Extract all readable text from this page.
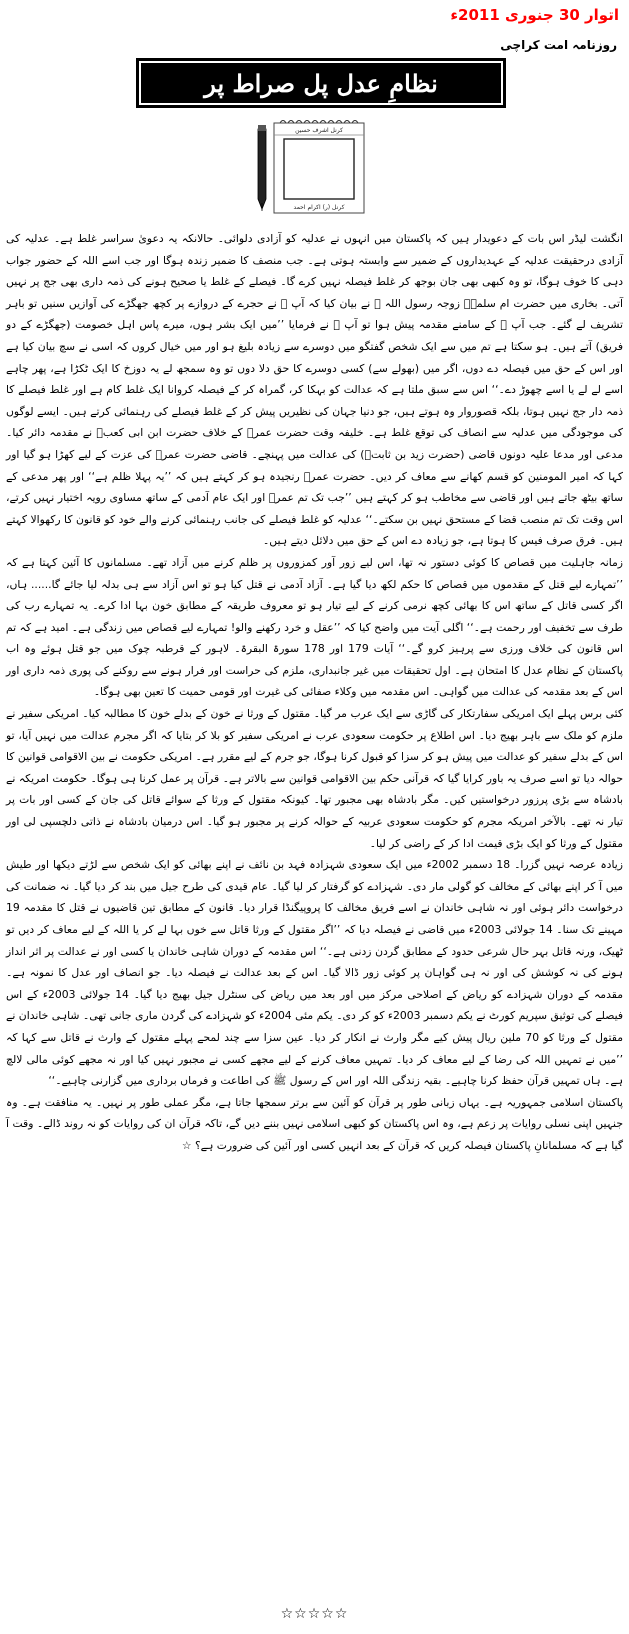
اتوار 30 جنوری 2011ء
روزنامہ امت کراچی
نظامِ عدل پل صراط پر
کرنل اشرف حسین
کرنل (ر) اکرام احمد

انگشت لیڈر اس بات کے دعویدار ہیں کہ پاکستان میں انہوں نے عدلیہ کو آزادی دلوائی۔ حالانکہ یہ دعویٰ سراسر غلط ہے۔ عدلیہ کی آزادی درحقیقت عدلیہ کے عہدیداروں کے ضمیر سے وابستہ ہوتی ہے۔ جب منصف کا ضمیر زندہ ہوگا اور جب اسے اللہ کے حضور جواب دہی کا خوف ہوگا، تو وہ کبھی بھی جان بوجھ کر غلط فیصلہ نہیں کرے گا۔ فیصلے کے غلط یا صحیح ہونے کی ذمہ داری بھی جج پر نہیں آتی۔ بخاری میں حضرت ام سلمہؓ زوجہ رسول اللہ ﷺ نے بیان کیا کہ آپ ﷺ نے حجرے کے دروازے پر کچھ جھگڑے کی آوازیں سنیں تو باہر تشریف لے گئے۔ جب آپ ﷺ کے سامنے مقدمہ پیش ہوا تو آپ ﷺ نے فرمایا ’’میں ایک بشر ہوں، میرے پاس اہل خصومت (جھگڑے کے دو فریق) آتے ہیں۔ ہو سکتا ہے تم میں سے ایک شخص گفتگو میں دوسرے سے زیادہ بلیغ ہو اور میں خیال کروں کہ اسی نے سچ بیان کیا ہے اور اس کے حق میں فیصلہ دے دوں، اگر میں (بھولے سے) کسی دوسرے کا حق دلا دوں تو وہ سمجھ لے یہ دوزخ کا ایک ٹکڑا ہے، پھر چاہے اسے لے لے یا اسے چھوڑ دے۔‘‘ اس سے سبق ملتا ہے کہ عدالت کو بہکا کر، گمراہ کر کے فیصلہ کروانا ایک غلط کام ہے اور غلط فیصلے کا ذمہ دار جج نہیں ہوتا، بلکہ قصوروار وہ ہوتے ہیں، جو دنیا جہان کی نظیریں پیش کر کے غلط فیصلے کی رہنمائی کرتے ہیں۔ ایسے لوگوں کی موجودگی میں عدلیہ سے انصاف کی توقع غلط ہے۔ خلیفہ وقت حضرت عمرؓ کے خلاف حضرت ابن ابی کعبؓ نے مقدمہ دائر کیا۔ مدعی اور مدعا علیہ دونوں قاضی (حضرت زید بن ثابتؓ) کی عدالت میں پہنچے۔ قاضی حضرت عمرؓ کی عزت کے لیے کھڑا ہو گیا اور کہا کہ امیر المومنین کو قسم کھانے سے معاف کر دیں۔ حضرت عمرؓ رنجیدہ ہو کر کہتے ہیں کہ ’’یہ پہلا ظلم ہے‘‘ اور پھر مدعی کے ساتھ بیٹھ جاتے ہیں اور قاضی سے مخاطب ہو کر کہتے ہیں ’’جب تک تم عمرؓ اور ایک عام آدمی کے ساتھ مساوی رویہ اختیار نہیں کرتے، اس وقت تک تم منصب قضا کے مستحق نہیں بن سکتے۔‘‘ عدلیہ کو غلط فیصلے کی جانب رہنمائی کرنے والے خود کو قانون کا رکھوالا کہتے ہیں۔ فرق صرف فیس کا ہوتا ہے، جو زیادہ دے اس کے حق میں دلائل دیتے ہیں۔

زمانہ جاہلیت میں قصاص کا کوئی دستور نہ تھا، اس لیے زور آور کمزوروں پر ظلم کرنے میں آزاد تھے۔ مسلمانوں کا آئین کہتا ہے کہ ’’تمہارے لیے قتل کے مقدموں میں قصاص کا حکم لکھ دیا گیا ہے۔ آزاد آدمی نے قتل کیا ہو تو اس آزاد سے ہی بدلہ لیا جائے گا...... ہاں، اگر کسی قاتل کے ساتھ اس کا بھائی کچھ نرمی کرنے کے لیے تیار ہو تو معروف طریقہ کے مطابق خون بہا ادا کرے۔ یہ تمہارے رب کی طرف سے تخفیف اور رحمت ہے۔‘‘ اگلی آیت میں واضح کیا کہ ’’عقل و خرد رکھنے والو! تمہارے لیے قصاص میں زندگی ہے۔ امید ہے کہ تم اس قانون کی خلاف ورزی سے پرہیز کرو گے۔‘‘ آیات 179 اور 178 سورۃ البقرۃ۔ لاہور کے قرطبہ چوک میں جو قتل ہوئے وہ اب پاکستان کے نظام عدل کا امتحان ہے۔ اول تحقیقات میں غیر جانبداری، ملزم کی حراست اور فرار ہونے سے روکنے کی پوری ذمہ داری اور اس کے بعد مقدمہ کی عدالت میں گواہی۔ اس مقدمہ میں وکلاء صفائی کی غیرت اور قومی حمیت کا تعین بھی ہوگا۔

کئی برس پہلے ایک امریکی سفارتکار کی گاڑی سے ایک عرب مر گیا۔ مقتول کے ورثا نے خون کے بدلے خون کا مطالبہ کیا۔ امریکی سفیر نے ملزم کو ملک سے باہر بھیج دیا۔ اس اطلاع پر حکومت سعودی عرب نے امریکی سفیر کو بلا کر بتایا کہ اگر مجرم عدالت میں نہیں آیا، تو اس کے بدلے سفیر کو عدالت میں پیش ہو کر سزا کو قبول کرنا ہوگا، جو جرم کے لیے مقرر ہے۔ امریکی حکومت نے بین الاقوامی قوانین کا حوالہ دیا تو اسے صرف یہ باور کرایا گیا کہ قرآنی حکم بین الاقوامی قوانین سے بالاتر ہے۔ قرآن پر عمل کرنا ہی ہوگا۔ حکومت امریکہ نے بادشاہ سے بڑی پرزور درخواستیں کیں۔ مگر بادشاہ بھی مجبور تھا۔ کیونکہ مقتول کے ورثا کے سوائے قاتل کی جان کے کسی اور بات پر تیار نہ تھے۔ بالآخر امریکہ مجرم کو حکومت سعودی عربیہ کے حوالہ کرنے پر مجبور ہو گیا۔ اس درمیان بادشاہ نے ذاتی دلچسپی لی اور مقتول کے ورثا کو ایک بڑی قیمت ادا کر کے راضی کر لیا۔

زیادہ عرصہ نہیں گزرا۔ 18 دسمبر 2002ء میں ایک سعودی شہزادہ فہد بن نائف نے اپنے بھائی کو ایک شخص سے لڑتے دیکھا اور طیش میں آ کر اپنے بھائی کے مخالف کو گولی مار دی۔ شہزادے کو گرفتار کر لیا گیا۔ عام قیدی کی طرح جیل میں بند کر دیا گیا۔ نہ ضمانت کی درخواست دائر ہوئی اور نہ شاہی خاندان نے اسے فریق مخالف کا پروپیگنڈا قرار دیا۔ قانون کے مطابق تین قاضیوں نے قتل کا مقدمہ 19 مہینے تک سنا۔ 14 جولائی 2003ء میں قاضی نے فیصلہ دیا کہ ’’اگر مقتول کے ورثا قاتل سے خوں بہا لے کر یا اللہ کے لیے معاف کر دیں تو ٹھیک، ورنہ قاتل بہر حال شرعی حدود کے مطابق گردن زدنی ہے۔‘‘ اس مقدمہ کے دوران شاہی خاندان یا کسی اور نے عدالت پر اثر انداز ہونے کی نہ کوشش کی اور نہ ہی گواہان پر کوئی زور ڈالا گیا۔ اس کے بعد عدالت نے فیصلہ دیا۔ جو انصاف اور عدل کا نمونہ ہے۔ مقدمہ کے دوران شہزادے کو ریاض کے اصلاحی مرکز میں اور بعد میں ریاض کی سنٹرل جیل بھیج دیا گیا۔ 14 جولائی 2003ء کے اس فیصلے کی توثیق سپریم کورٹ نے یکم دسمبر 2003ء کو کر دی۔ یکم مئی 2004ء کو شہزادے کی گردن ماری جانی تھی۔ شاہی خاندان نے مقتول کے ورثا کو 70 ملین ریال پیش کیے مگر وارث نے انکار کر دیا۔ عین سزا سے چند لمحے پہلے مقتول کے وارث نے قاتل سے کہا کہ ’’میں نے تمہیں اللہ کی رضا کے لیے معاف کر دیا۔ تمہیں معاف کرنے کے لیے مجھے کسی نے مجبور نہیں کیا اور نہ مجھے کوئی مالی لالچ ہے۔ ہاں تمہیں قرآن حفظ کرنا چاہیے۔ بقیہ زندگی اللہ اور اس کے رسول ﷺ کی اطاعت و فرماں برداری میں گزارنی چاہیے۔‘‘

پاکستان اسلامی جمہوریہ ہے۔ یہاں زبانی طور پر قرآن کو آئین سے برتر سمجھا جاتا ہے، مگر عملی طور پر نہیں۔ یہ منافقت ہے۔ وہ جنہیں اپنی نسلی روایات پر زعم ہے، وہ اس پاکستان کو کبھی اسلامی نہیں بننے دیں گے، تاکہ قرآن ان کی روایات کو نہ روند ڈالے۔ وقت آ گیا ہے کہ مسلمانانِ پاکستان فیصلہ کریں کہ قرآن کے بعد انہیں کسی اور آئین کی ضرورت ہے؟ ☆

☆☆☆☆☆
